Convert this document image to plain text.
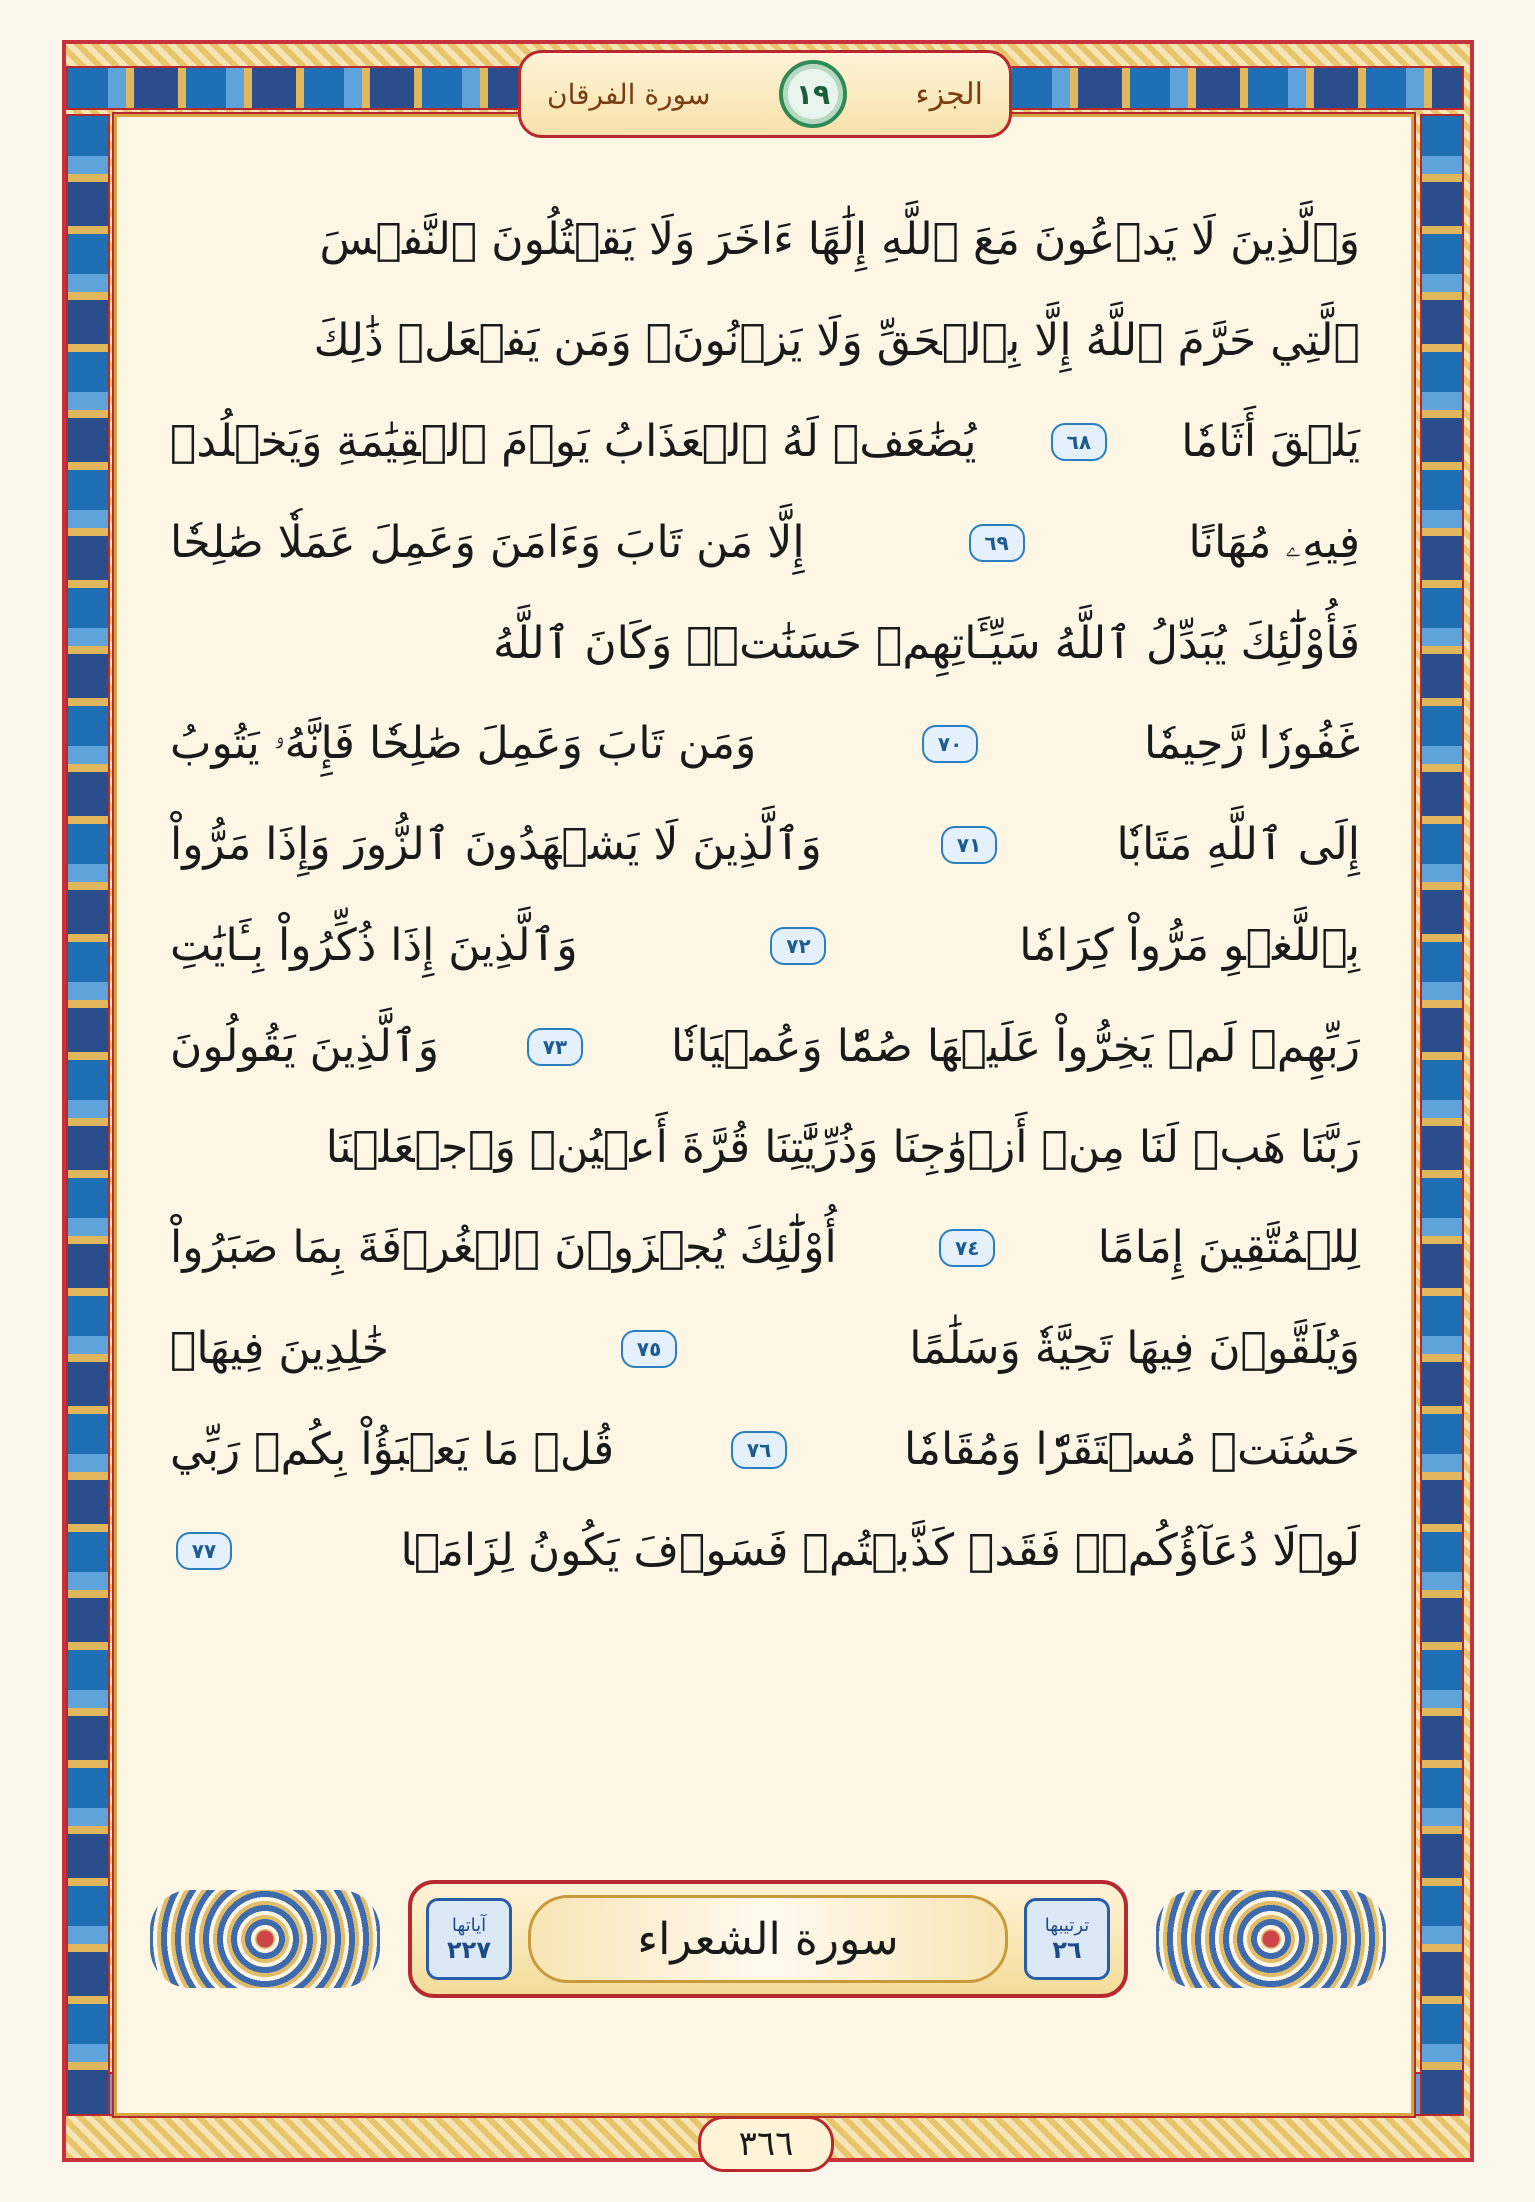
الجزء
١٩
سورة الفرقان
وَٱلَّذِينَ لَا يَدۡعُونَ مَعَ ٱللَّهِ إِلَٰهًا ءَاخَرَ وَلَا يَقۡتُلُونَ ٱلنَّفۡسَ
ٱلَّتِي حَرَّمَ ٱللَّهُ إِلَّا بِٱلۡحَقِّ وَلَا يَزۡنُونَۚ وَمَن يَفۡعَلۡ ذَٰلِكَ
يَلۡقَ أَثَامٗا
٦٨
يُضَٰعَفۡ لَهُ ٱلۡعَذَابُ يَوۡمَ ٱلۡقِيَٰمَةِ وَيَخۡلُدۡ
فِيهِۦ مُهَانًا
٦٩
إِلَّا مَن تَابَ وَءَامَنَ وَعَمِلَ عَمَلٗا صَٰلِحٗا
فَأُوْلَٰٓئِكَ يُبَدِّلُ ٱللَّهُ سَيِّـَٔاتِهِمۡ حَسَنَٰتٖۗ وَكَانَ ٱللَّهُ
غَفُورٗا رَّحِيمٗا
٧٠
وَمَن تَابَ وَعَمِلَ صَٰلِحٗا فَإِنَّهُۥ يَتُوبُ
إِلَى ٱللَّهِ مَتَابٗا
٧١
وَٱلَّذِينَ لَا يَشۡهَدُونَ ٱلزُّورَ وَإِذَا مَرُّواْ
بِٱللَّغۡوِ مَرُّواْ كِرَامٗا
٧٢
وَٱلَّذِينَ إِذَا ذُكِّرُواْ بِـَٔايَٰتِ
رَبِّهِمۡ لَمۡ يَخِرُّواْ عَلَيۡهَا صُمّٗا وَعُمۡيَانٗا
٧٣
وَٱلَّذِينَ يَقُولُونَ
رَبَّنَا هَبۡ لَنَا مِنۡ أَزۡوَٰجِنَا وَذُرِّيَّٰتِنَا قُرَّةَ أَعۡيُنٖ وَٱجۡعَلۡنَا
لِلۡمُتَّقِينَ إِمَامًا
٧٤
أُوْلَٰٓئِكَ يُجۡزَوۡنَ ٱلۡغُرۡفَةَ بِمَا صَبَرُواْ
وَيُلَقَّوۡنَ فِيهَا تَحِيَّةٗ وَسَلَٰمًا
٧٥
خَٰلِدِينَ فِيهَاۚ
حَسُنَتۡ مُسۡتَقَرّٗا وَمُقَامٗا
٧٦
قُلۡ مَا يَعۡبَؤُاْ بِكُمۡ رَبِّي
لَوۡلَا دُعَآؤُكُمۡۖ فَقَدۡ كَذَّبۡتُمۡ فَسَوۡفَ يَكُونُ لِزَامَۢا
٧٧
ترتيبها
٢٦
سورة الشعراء
آياتها
٢٢٧
٣٦٦
